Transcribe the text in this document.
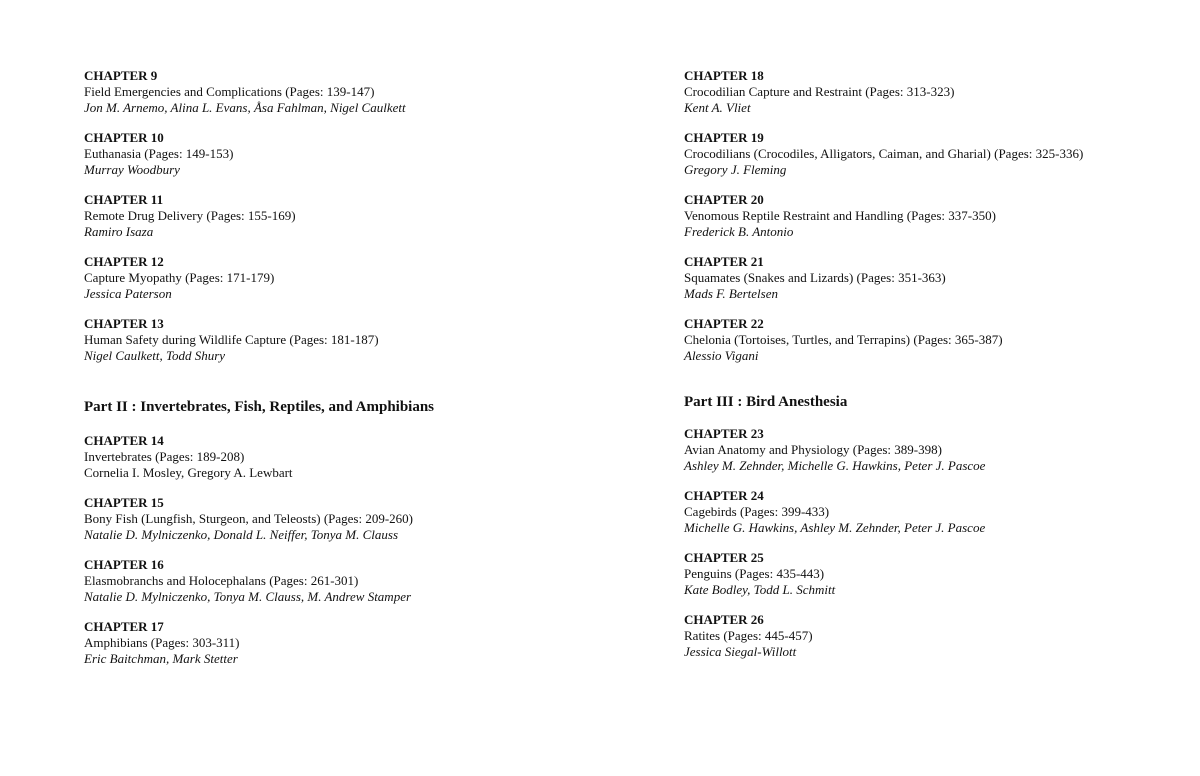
CHAPTER 9
Field Emergencies and Complications (Pages: 139-147)
Jon M. Arnemo, Alina L. Evans, Åsa Fahlman, Nigel Caulkett
CHAPTER 10
Euthanasia (Pages: 149-153)
Murray Woodbury
CHAPTER 11
Remote Drug Delivery (Pages: 155-169)
Ramiro Isaza
CHAPTER 12
Capture Myopathy (Pages: 171-179)
Jessica Paterson
CHAPTER 13
Human Safety during Wildlife Capture (Pages: 181-187)
Nigel Caulkett, Todd Shury
Part II : Invertebrates, Fish, Reptiles, and Amphibians
CHAPTER 14
Invertebrates (Pages: 189-208)
Cornelia I. Mosley, Gregory A. Lewbart
CHAPTER 15
Bony Fish (Lungfish, Sturgeon, and Teleosts) (Pages: 209-260)
Natalie D. Mylniczenko, Donald L. Neiffer, Tonya M. Clauss
CHAPTER 16
Elasmobranchs and Holocephalans (Pages: 261-301)
Natalie D. Mylniczenko, Tonya M. Clauss, M. Andrew Stamper
CHAPTER 17
Amphibians (Pages: 303-311)
Eric Baitchman, Mark Stetter
CHAPTER 18
Crocodilian Capture and Restraint (Pages: 313-323)
Kent A. Vliet
CHAPTER 19
Crocodilians (Crocodiles, Alligators, Caiman, and Gharial) (Pages: 325-336)
Gregory J. Fleming
CHAPTER 20
Venomous Reptile Restraint and Handling (Pages: 337-350)
Frederick B. Antonio
CHAPTER 21
Squamates (Snakes and Lizards) (Pages: 351-363)
Mads F. Bertelsen
CHAPTER 22
Chelonia (Tortoises, Turtles, and Terrapins) (Pages: 365-387)
Alessio Vigani
Part III : Bird Anesthesia
CHAPTER 23
Avian Anatomy and Physiology (Pages: 389-398)
Ashley M. Zehnder, Michelle G. Hawkins, Peter J. Pascoe
CHAPTER 24
Cagebirds (Pages: 399-433)
Michelle G. Hawkins, Ashley M. Zehnder, Peter J. Pascoe
CHAPTER 25
Penguins (Pages: 435-443)
Kate Bodley, Todd L. Schmitt
CHAPTER 26
Ratites (Pages: 445-457)
Jessica Siegal-Willott
